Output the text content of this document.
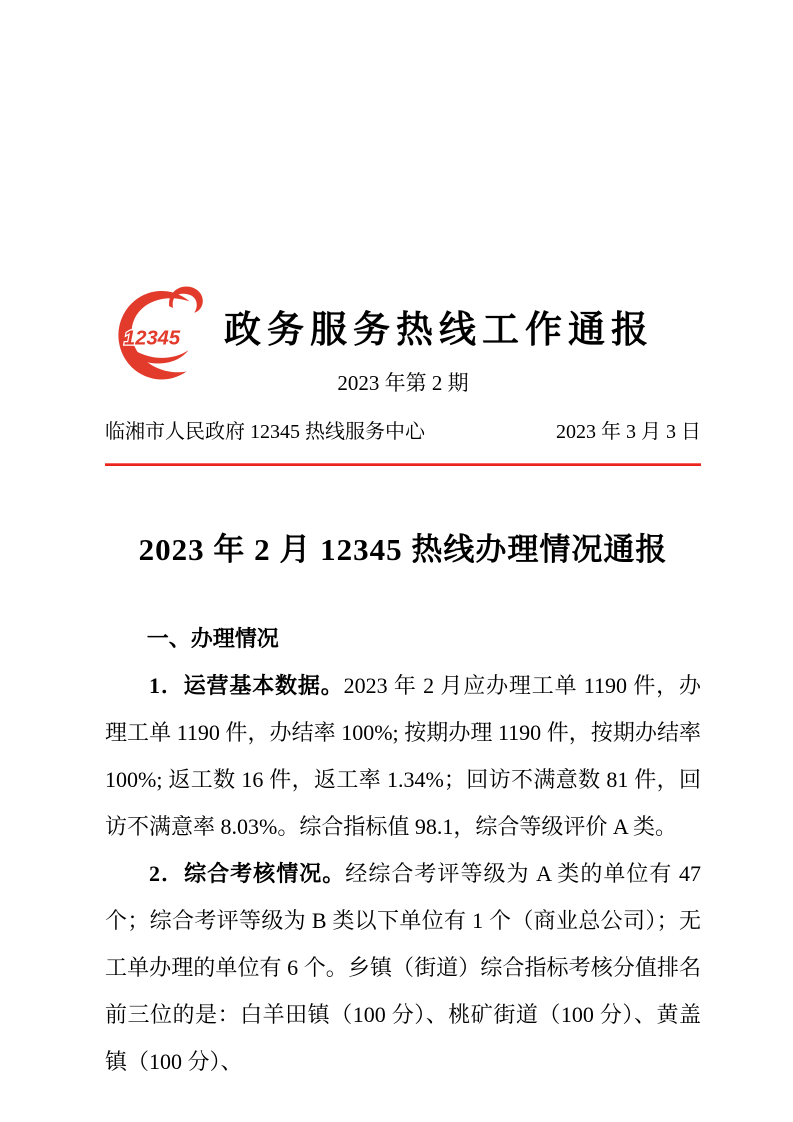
12345 政务服务热线工作通报
2023 年第 2 期
临湘市人民政府 12345 热线服务中心	2023 年 3 月 3 日
2023 年 2 月 12345 热线办理情况通报
一、办理情况

1．运营基本数据。2023 年 2 月应办理工单 1190 件，办理工单 1190 件，办结率 100%; 按期办理 1190 件，按期办结率 100%; 返工数 16 件，返工率 1.34%；回访不满意数 81 件，回访不满意率 8.03%。综合指标值 98.1，综合等级评价 A 类。

2．综合考核情况。经综合考评等级为 A 类的单位有 47 个；综合考评等级为 B 类以下单位有 1 个（商业总公司）；无工单办理的单位有 6 个。乡镇（街道）综合指标考核分值排名前三位的是：白羊田镇（100 分）、桃矿街道（100 分）、黄盖镇（100 分）、
